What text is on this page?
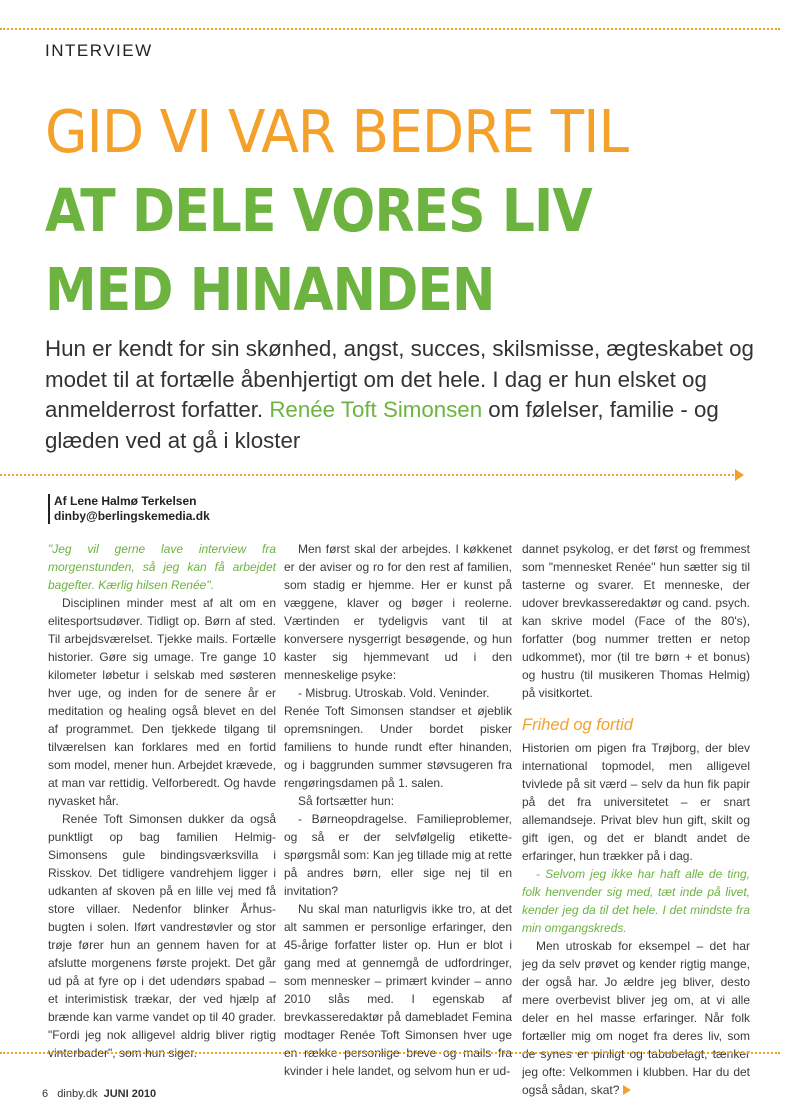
INTERVIEW
GID VI VAR BEDRE TIL
AT DELE VORES LIV
MED HINANDEN

Hun er kendt for sin skønhed, angst, succes, skilsmisse, ægteskabet og modet til at fortælle åbenhjertigt om det hele. I dag er hun elsket og anmelderrost forfatter. Renée Toft Simonsen om følelser, familie - og glæden ved at gå i kloster

Af Lene Halmø Terkelsen
dinby@berlingskemedia.dk

"Jeg vil gerne lave interview fra morgenstunden, så jeg kan få arbejdet bagefter. Kærlig hilsen Renée".

Disciplinen minder mest af alt om en elitesportsudøver. Tidligt op. Børn af sted. Til arbejdsværelset. Tjekke mails. Fortælle historier. Gøre sig umage. Tre gange 10 kilometer løbetur i selskab med søsteren hver uge, og inden for de senere år er meditation og healing også blevet en del af programmet. Den tjekkede tilgang til tilværelsen kan forklares med en fortid som model, mener hun. Arbejdet krævede, at man var rettidig. Velforberedt. Og havde nyvasket hår.

Renée Toft Simonsen dukker da også punktligt op bag familien Helmig-Simonsens gule bindingsværksvilla i Risskov. Det tidligere vandrehjem ligger i udkanten af skoven på en lille vej med få store villaer. Nedenfor blinker Århus-bugten i solen. Iført vandrestøvler og stor trøje fører hun an gennem haven for at afslutte morgenens første projekt. Det går ud på at fyre op i det udendørs spabad – et interimistisk trækar, der ved hjælp af brænde kan varme vandet op til 40 grader. "Fordi jeg nok alligevel aldrig bliver rigtig vinterbader", som hun siger.

Men først skal der arbejdes. I køkkenet er der aviser og ro for den rest af familien, som stadig er hjemme. Her er kunst på væggene, klaver og bøger i reolerne. Værtinden er tydeligvis vant til at konversere nysgerrigt besøgende, og hun kaster sig hjemmevant ud i den menneskelige psyke:

- Misbrug. Utroskab. Vold. Veninder.

Renée Toft Simonsen standser et øjeblik opremsningen. Under bordet pisker familiens to hunde rundt efter hinanden, og i baggrunden summer støvsugeren fra rengøringsdamen på 1. salen.

Så fortsætter hun:

- Børneopdragelse. Familieproblemer, og så er der selvfølgelig etikette-spørgsmål som: Kan jeg tillade mig at rette på andres børn, eller sige nej til en invitation?

Nu skal man naturligvis ikke tro, at det alt sammen er personlige erfaringer, den 45-årige forfatter lister op. Hun er blot i gang med at gennemgå de udfordringer, som mennesker – primært kvinder – anno 2010 slås med. I egenskab af brevkasseredaktør på damebladet Femina modtager Renée Toft Simonsen hver uge en række personlige breve og mails fra kvinder i hele landet, og selvom hun er ud-

dannet psykolog, er det først og fremmest som "mennesket Renée" hun sætter sig til tasterne og svarer. Et menneske, der udover brevkasseredaktør og cand. psych. kan skrive model (Face of the 80's), forfatter (bog nummer tretten er netop udkommet), mor (til tre børn + et bonus) og hustru (til musikeren Thomas Helmig) på visitkortet.

Frihed og fortid

Historien om pigen fra Trøjborg, der blev international topmodel, men alligevel tvivlede på sit værd – selv da hun fik papir på det fra universitetet – er snart allemandseje. Privat blev hun gift, skilt og gift igen, og det er blandt andet de erfaringer, hun trækker på i dag.

- Selvom jeg ikke har haft alle de ting, folk henvender sig med, tæt inde på livet, kender jeg da til det hele. I det mindste fra min omgangskreds.

Men utroskab for eksempel – det har jeg da selv prøvet og kender rigtig mange, der også har. Jo ældre jeg bliver, desto mere overbevist bliver jeg om, at vi alle deler en hel masse erfaringer. Når folk fortæller mig om noget fra deres liv, som de synes er pinligt og tabubelagt, tænker jeg ofte: Velkommen i klubben. Har du det også sådan, skat?

6 dinby.dk JUNI 2010
